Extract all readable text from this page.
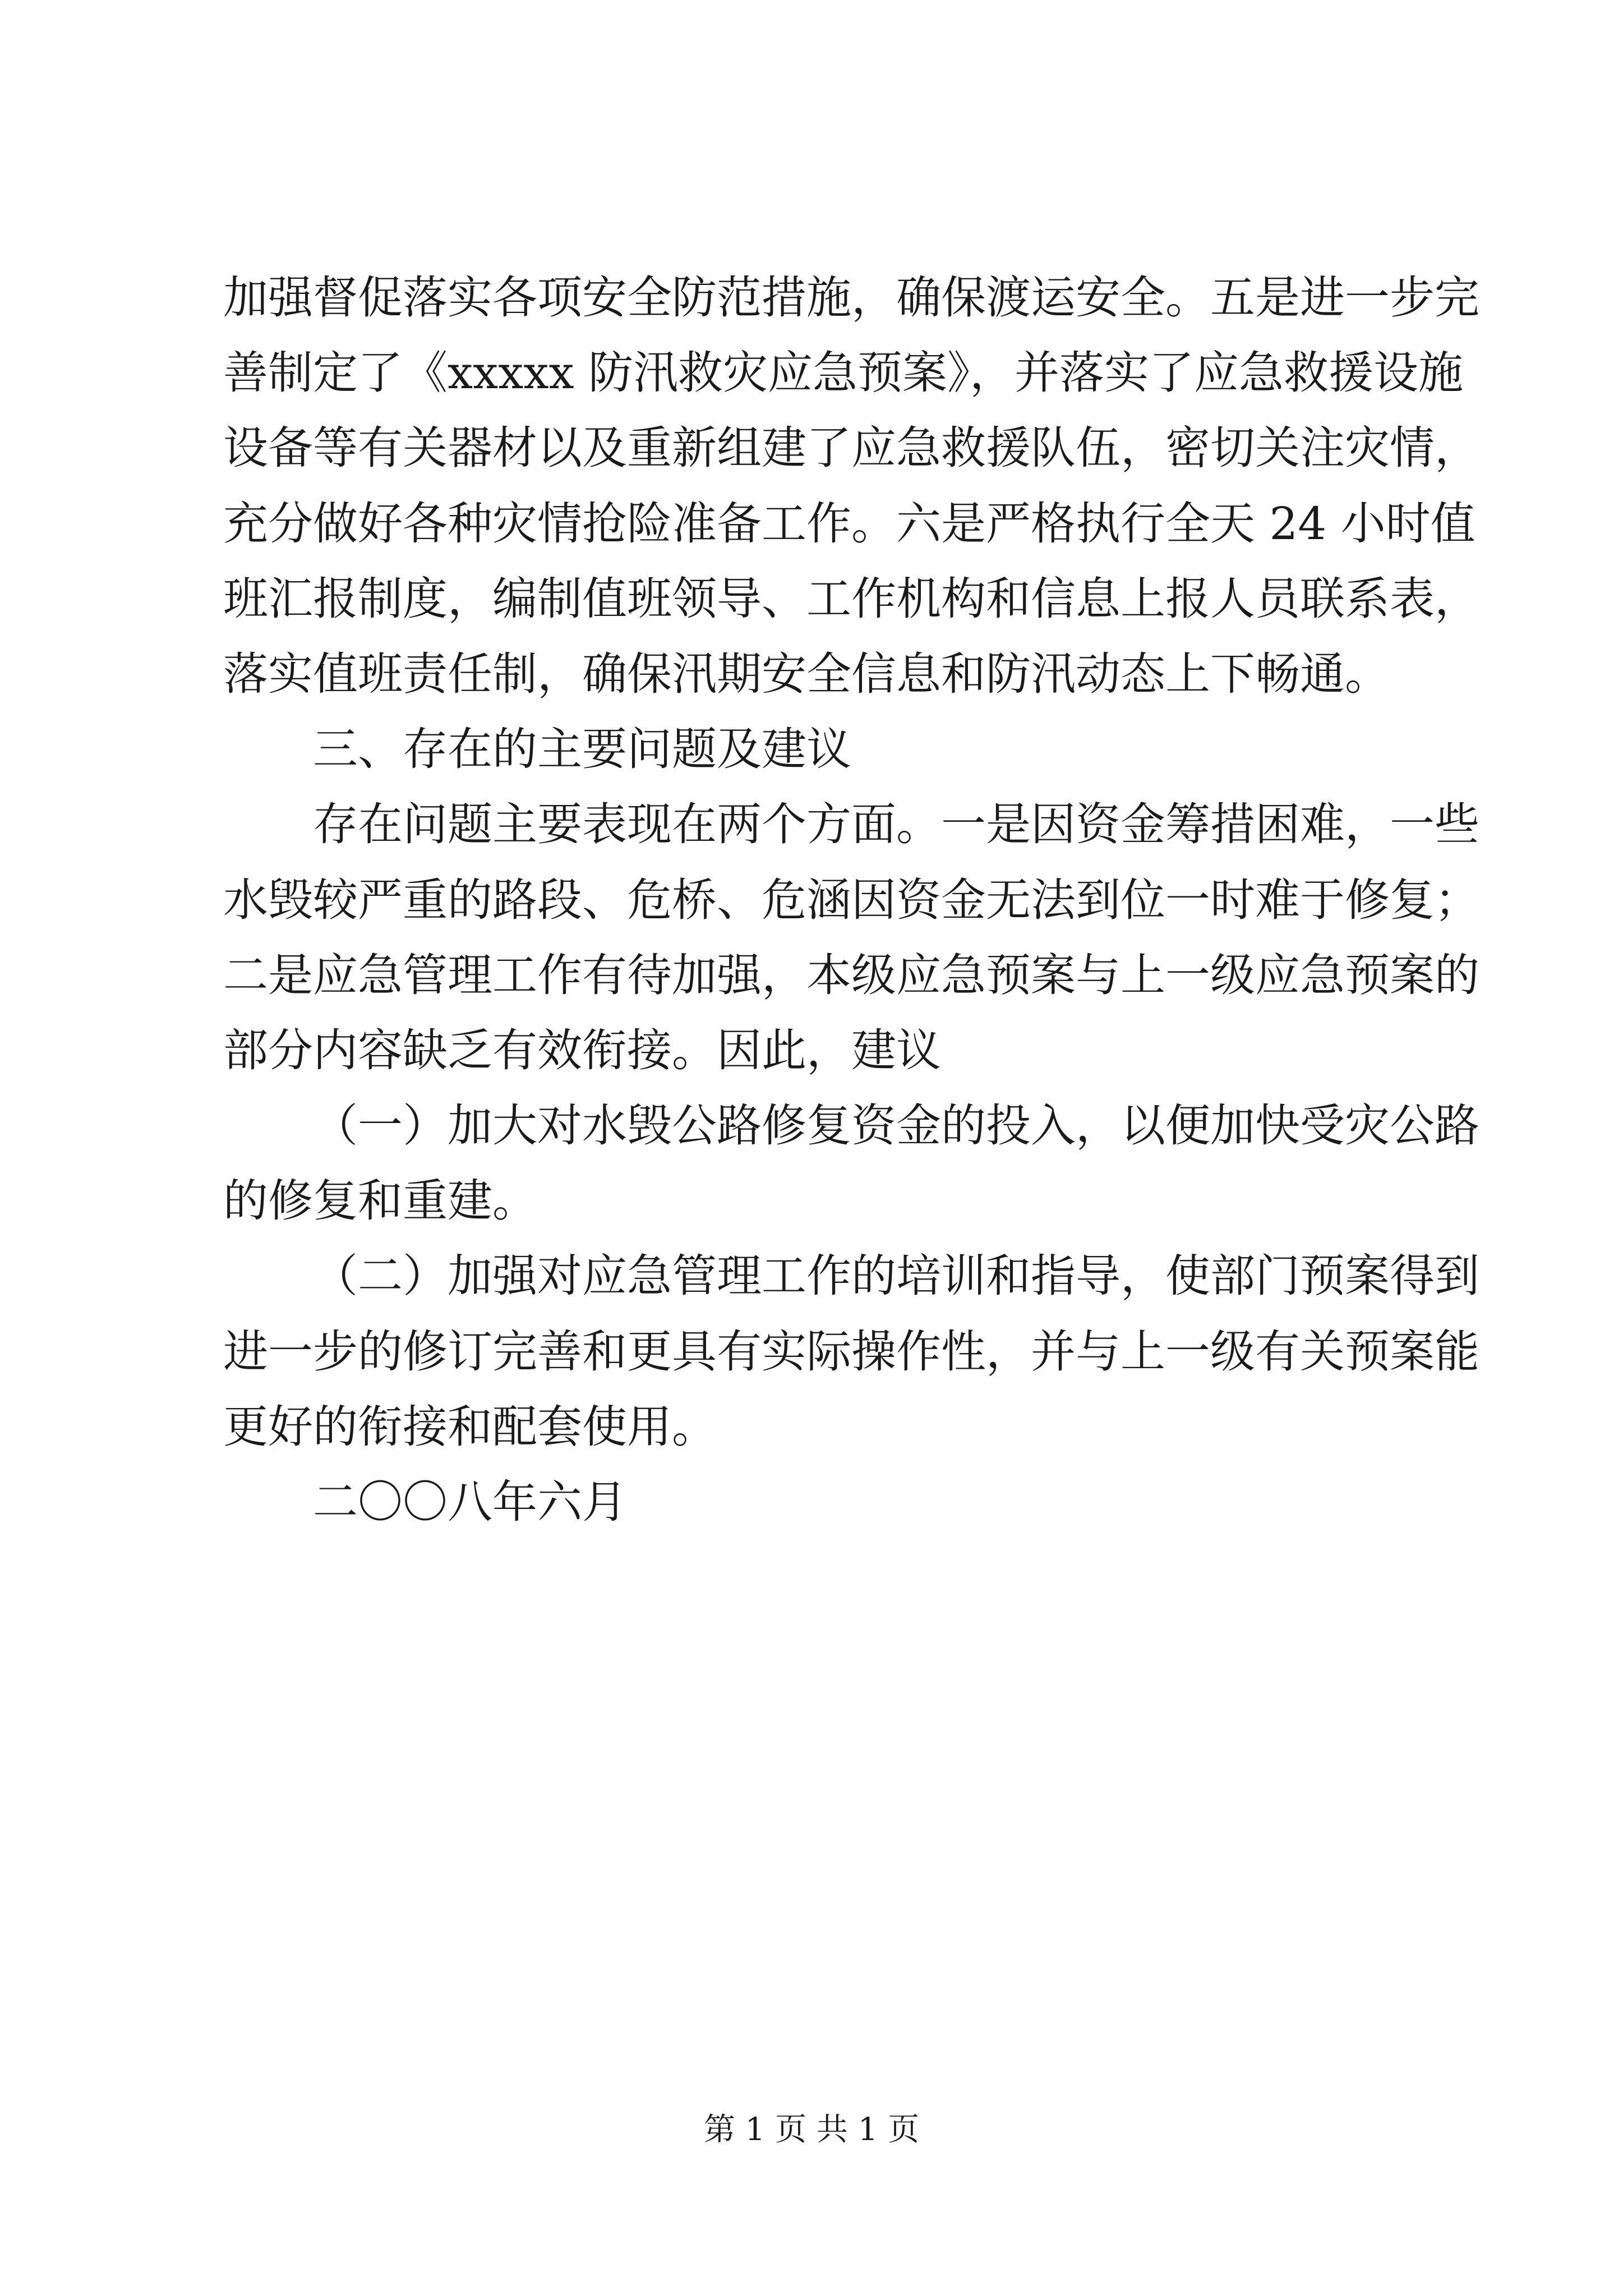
加强督促落实各项安全防范措施，确保渡运安全。五是进一步完
善制定了《xxxxx 防汛救灾应急预案》，并落实了应急救援设施
设备等有关器材以及重新组建了应急救援队伍，密切关注灾情，
充分做好各种灾情抢险准备工作。六是严格执行全天 24 小时值
班汇报制度，编制值班领导、工作机构和信息上报人员联系表，
落实值班责任制，确保汛期安全信息和防汛动态上下畅通。
三、存在的主要问题及建议
存在问题主要表现在两个方面。一是因资金筹措困难，一些
水毁较严重的路段、危桥、危涵因资金无法到位一时难于修复；
二是应急管理工作有待加强，本级应急预案与上一级应急预案的
部分内容缺乏有效衔接。因此，建议
（一）加大对水毁公路修复资金的投入，以便加快受灾公路
的修复和重建。
（二）加强对应急管理工作的培训和指导，使部门预案得到
进一步的修订完善和更具有实际操作性，并与上一级有关预案能
更好的衔接和配套使用。
二〇〇八年六月
第 1 页 共 1 页
